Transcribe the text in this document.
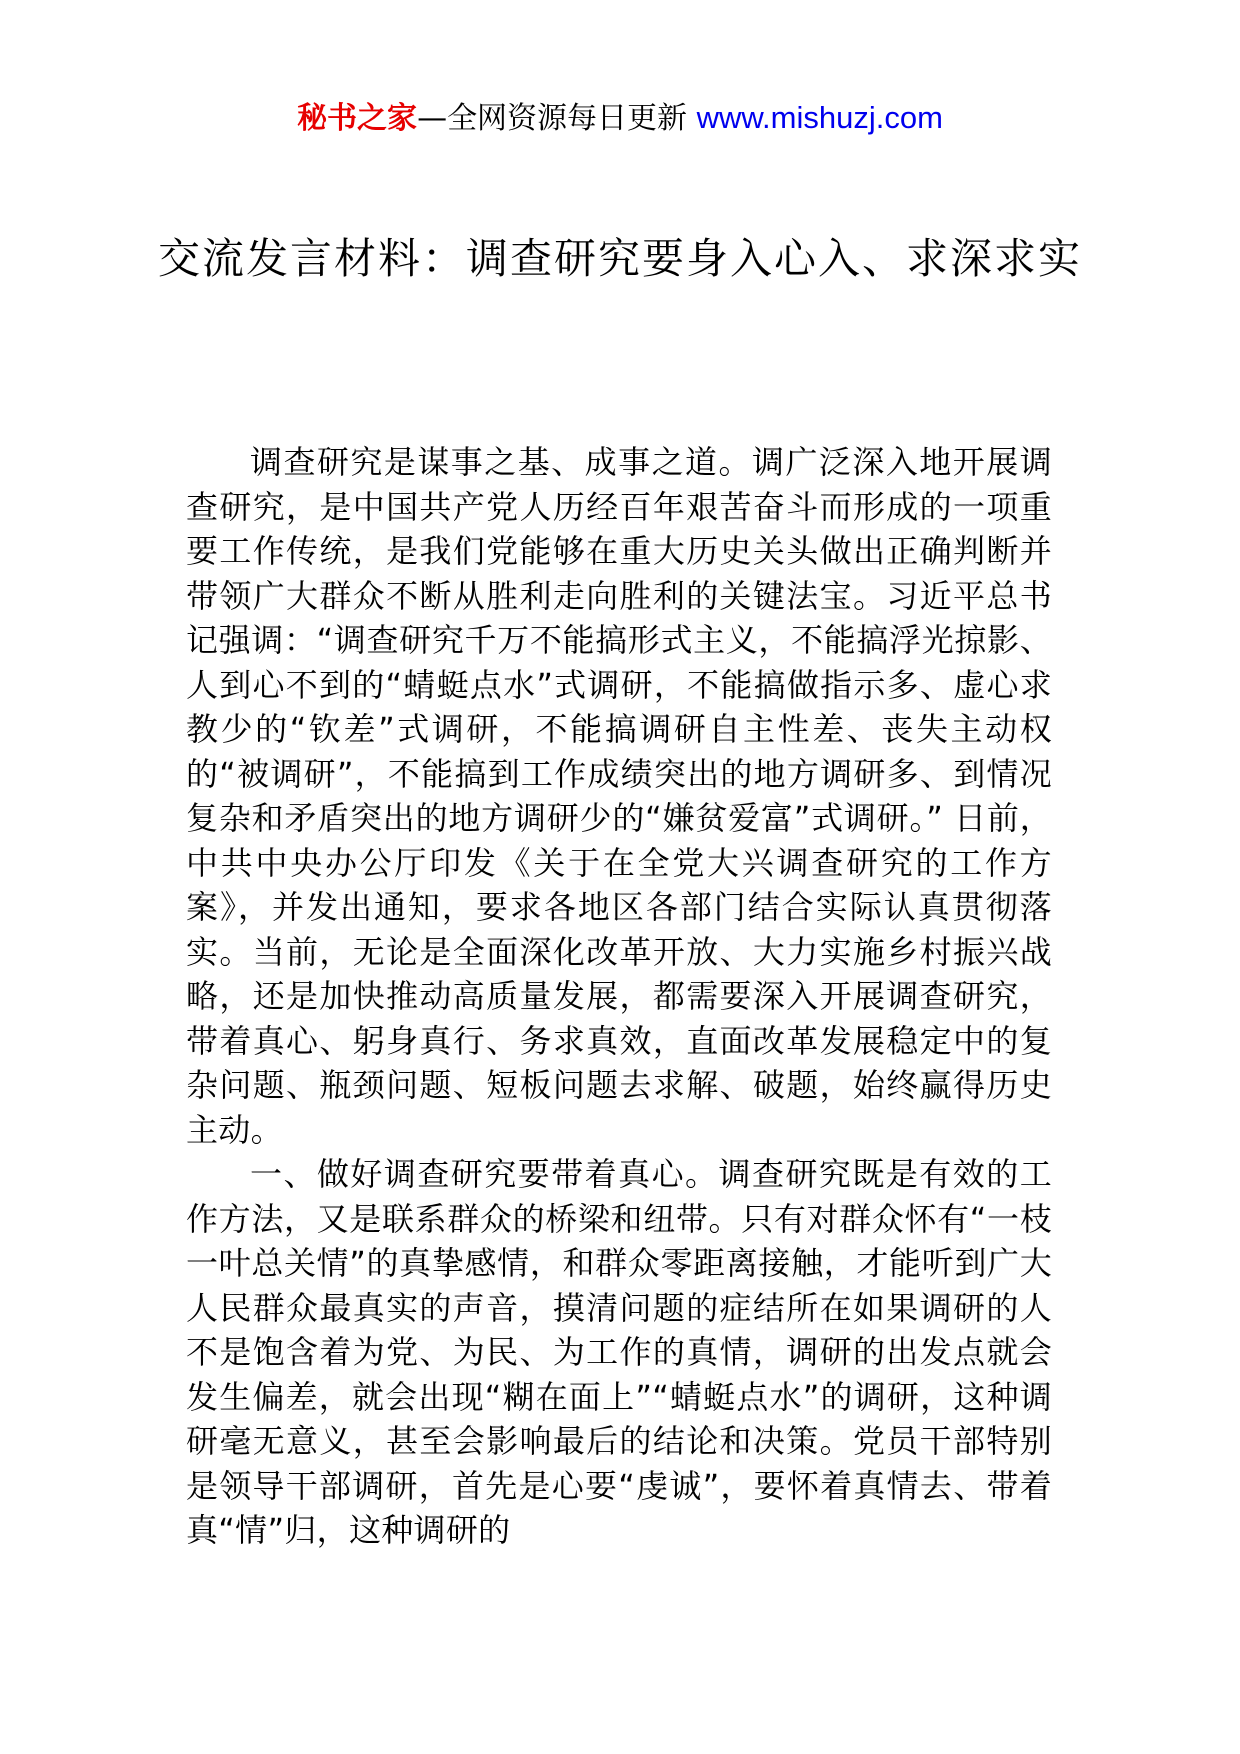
秘书之家—全网资源每日更新 www.mishuzj.com
交流发言材料：调查研究要身入心入、求深求实

调查研究是谋事之基、成事之道。调广泛深入地开展调查研究，是中国共产党人历经百年艰苦奋斗而形成的一项重要工作传统，是我们党能够在重大历史关头做出正确判断并带领广大群众不断从胜利走向胜利的关键法宝。习近平总书记强调：“调查研究千万不能搞形式主义，不能搞浮光掠影、人到心不到的“蜻蜓点水”式调研，不能搞做指示多、虚心求教少的“钦差”式调研，不能搞调研自主性差、丧失主动权的“被调研”，不能搞到工作成绩突出的地方调研多、到情况复杂和矛盾突出的地方调研少的“嫌贫爱富”式调研。” 日前，中共中央办公厅印发《关于在全党大兴调查研究的工作方案》，并发出通知，要求各地区各部门结合实际认真贯彻落实。当前，无论是全面深化改革开放、大力实施乡村振兴战略，还是加快推动高质量发展，都需要深入开展调查研究，带着真心、躬身真行、务求真效，直面改革发展稳定中的复杂问题、瓶颈问题、短板问题去求解、破题，始终赢得历史主动。

一、做好调查研究要带着真心。调查研究既是有效的工作方法，又是联系群众的桥梁和纽带。只有对群众怀有“一枝一叶总关情”的真挚感情，和群众零距离接触，才能听到广大人民群众最真实的声音，摸清问题的症结所在如果调研的人不是饱含着为党、为民、为工作的真情，调研的出发点就会发生偏差，就会出现“糊在面上”“蜻蜓点水”的调研，这种调研毫无意义，甚至会影响最后的结论和决策。党员干部特别是领导干部调研，首先是心要“虔诚”，要怀着真情去、带着真“情”归，这种调研的
